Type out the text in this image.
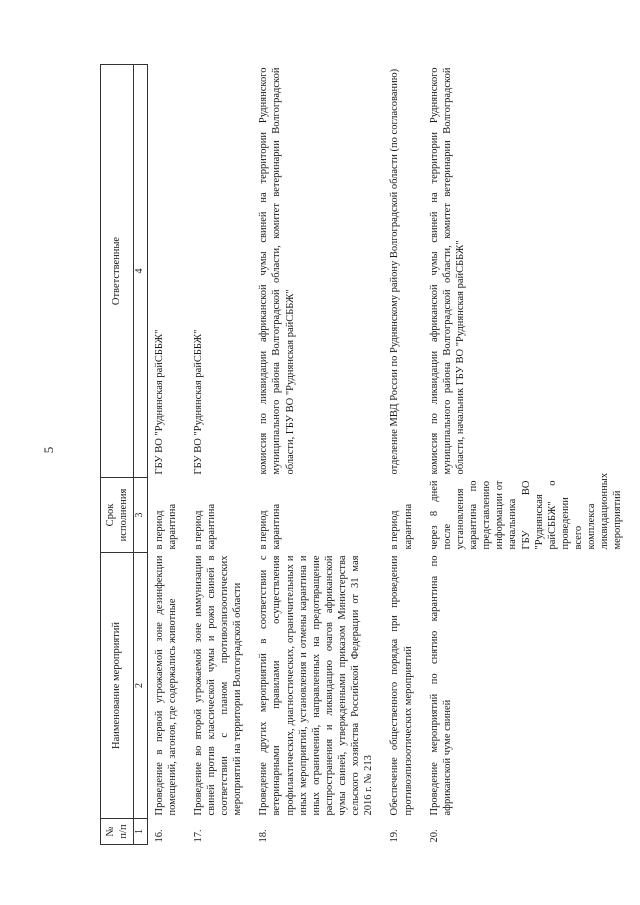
5
№ п/п	Наименование мероприятий	Срок исполнения	Ответственные
1	2	3	4
16.	Проведение в первой угрожаемой зоне дезинфекции помещений, загонов, где содержались животные	в период карантина	ГБУ ВО "Руднянская райСББЖ"
17.	Проведение во второй угрожаемой зоне иммунизации свиней против классической чумы и рожи свиней в соответствии с планом противоэпизоотических мероприятий на территории Волгоградской области	в период карантина	ГБУ ВО "Руднянская райСББЖ"
18.	Проведение других мероприятий в соответствии с ветеринарными правилами осуществления профилактических, диагностических, ограничительных и иных мероприятий, установления и отмены карантина и иных ограничений, направленных на предотвращение распространения и ликвидацию очагов африканской чумы свиней, утвержденными приказом Министерства сельского хозяйства Российской Федерации от 31 мая 2016 г. № 213	в период карантина	комиссия по ликвидации африканской чумы свиней на территории Руднянского муниципального района Волгоградской области, комитет ветеринарии Волгоградской области, ГБУ ВО "Руднянская райСББЖ"
19.	Обеспечение общественного порядка при проведении противоэпизоотических мероприятий	в период карантина	отделение МВД России по Руднянскому району Волгоградской области (по согласованию)
20.	Проведение мероприятий по снятию карантина по африканской чуме свиней	через 8 дней после установления карантина по представлению информации от начальника ГБУ ВО "Руднянская райСББЖ" о проведении всего комплекса ликвидационных мероприятий	комиссия по ликвидации африканской чумы свиней на территории Руднянского муниципального района Волгоградской области, комитет ветеринарии Волгоградской области, начальник ГБУ ВО "Руднянская райСББЖ"
